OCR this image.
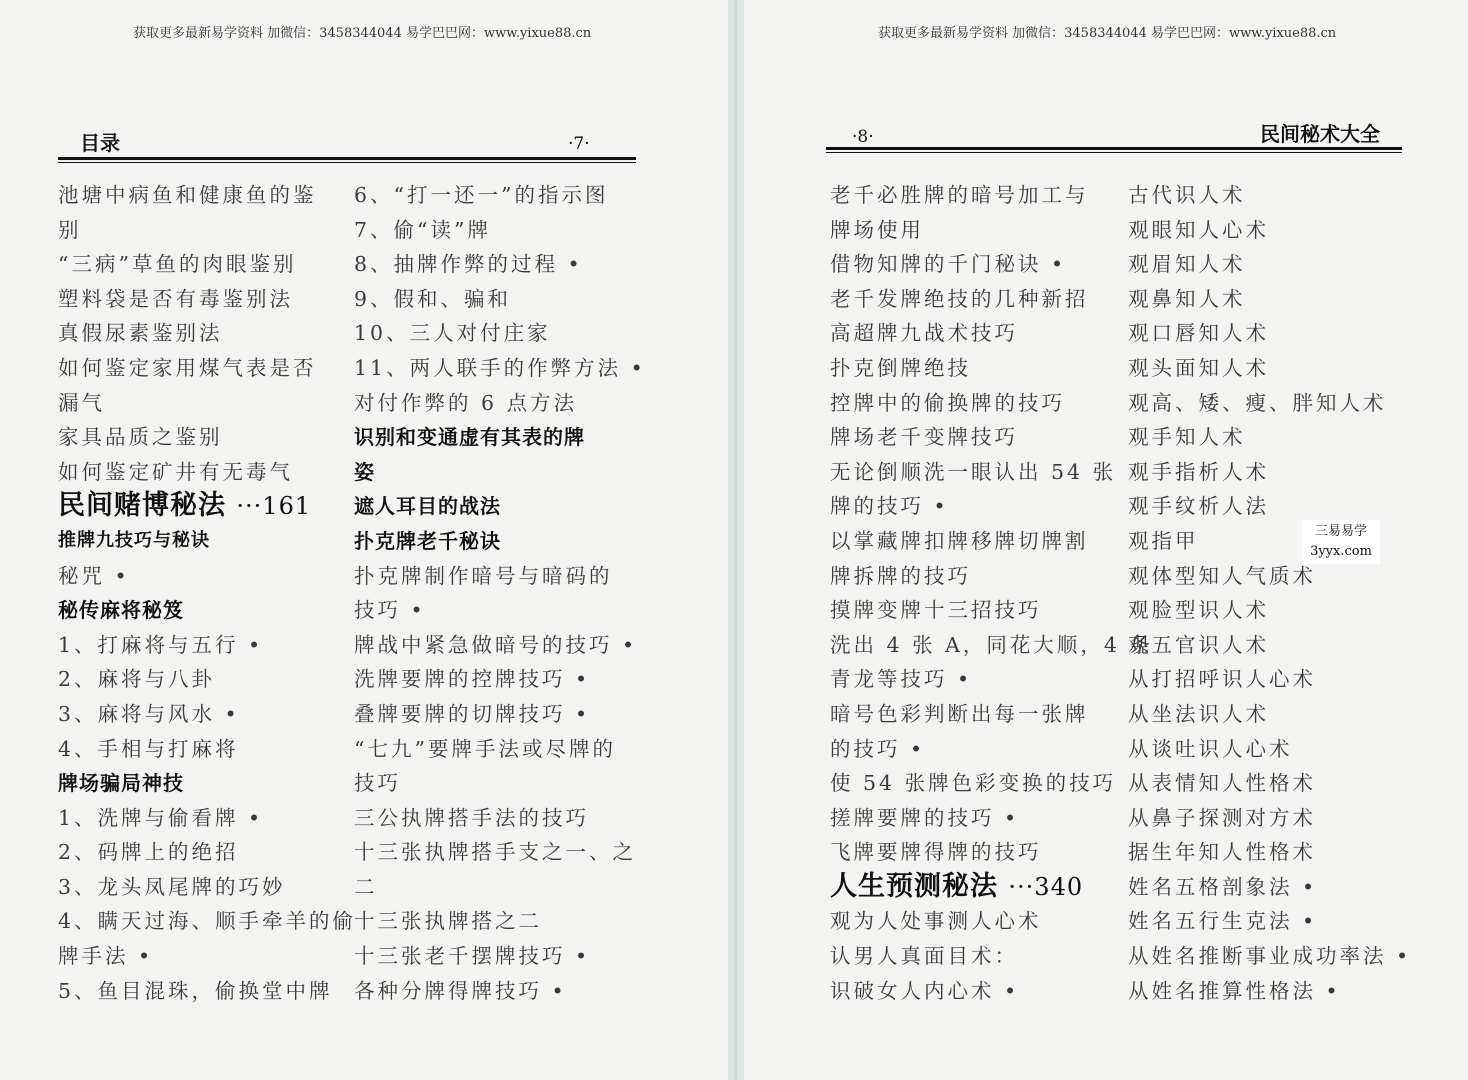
获取更多最新易学资料 加微信：3458344044 易学巴巴网：www.yixue88.cn
目录	·7·
池塘中病鱼和健康鱼的鉴
别
“三病”草鱼的肉眼鉴别
塑料袋是否有毒鉴别法
真假尿素鉴别法
如何鉴定家用煤气表是否
漏气
家具品质之鉴别
如何鉴定矿井有无毒气
民间赌博秘法 ···161
推牌九技巧与秘诀
秘咒 •
秘传麻将秘笈
1、打麻将与五行 •
2、麻将与八卦
3、麻将与风水 •
4、手相与打麻将
牌场骗局神技
1、洗牌与偷看牌 •
2、码牌上的绝招
3、龙头凤尾牌的巧妙
4、瞒天过海、顺手牵羊的偷
牌手法 •
5、鱼目混珠，偷换堂中牌
6、“打一还一”的指示图
7、偷“读”牌
8、抽牌作弊的过程 •
9、假和、骗和
10、三人对付庄家
11、两人联手的作弊方法 •
对付作弊的 6 点方法
识别和变通虚有其表的牌
姿
遮人耳目的战法
扑克牌老千秘诀
扑克牌制作暗号与暗码的
技巧 •
牌战中紧急做暗号的技巧 •
洗牌要牌的控牌技巧 •
叠牌要牌的切牌技巧 •
“七九”要牌手法或尽牌的
技巧
三公执牌搭手法的技巧
十三张执牌搭手支之一、之
二
十三张执牌搭之二
十三张老千摆牌技巧 •
各种分牌得牌技巧 •
获取更多最新易学资料 加微信：3458344044 易学巴巴网：www.yixue88.cn
·8·	民间秘术大全
老千必胜牌的暗号加工与
牌场使用
借物知牌的千门秘诀 •
老千发牌绝技的几种新招
高超牌九战术技巧
扑克倒牌绝技
控牌中的偷换牌的技巧
牌场老千变牌技巧
无论倒顺洗一眼认出 54 张
牌的技巧 •
以掌藏牌扣牌移牌切牌割
牌拆牌的技巧
摸牌变牌十三招技巧
洗出 4 张 A，同花大顺，4 条
青龙等技巧 •
暗号色彩判断出每一张牌
的技巧 •
使 54 张牌色彩变换的技巧
搓牌要牌的技巧 •
飞牌要牌得牌的技巧
人生预测秘法 ···340
观为人处事测人心术
认男人真面目术：
识破女人内心术 •
古代识人术
观眼知人心术
观眉知人术
观鼻知人术
观口唇知人术
观头面知人术
观高、矮、瘦、胖知人术
观手知人术
观手指析人术
观手纹析人法
观指甲
观体型知人气质术
观脸型识人术
观五官识人术
从打招呼识人心术
从坐法识人术
从谈吐识人心术
从表情知人性格术
从鼻子探测对方术
据生年知人性格术
姓名五格剖象法 •
姓名五行生克法 •
从姓名推断事业成功率法 •
从姓名推算性格法 •
三易易学
3yyx.com
